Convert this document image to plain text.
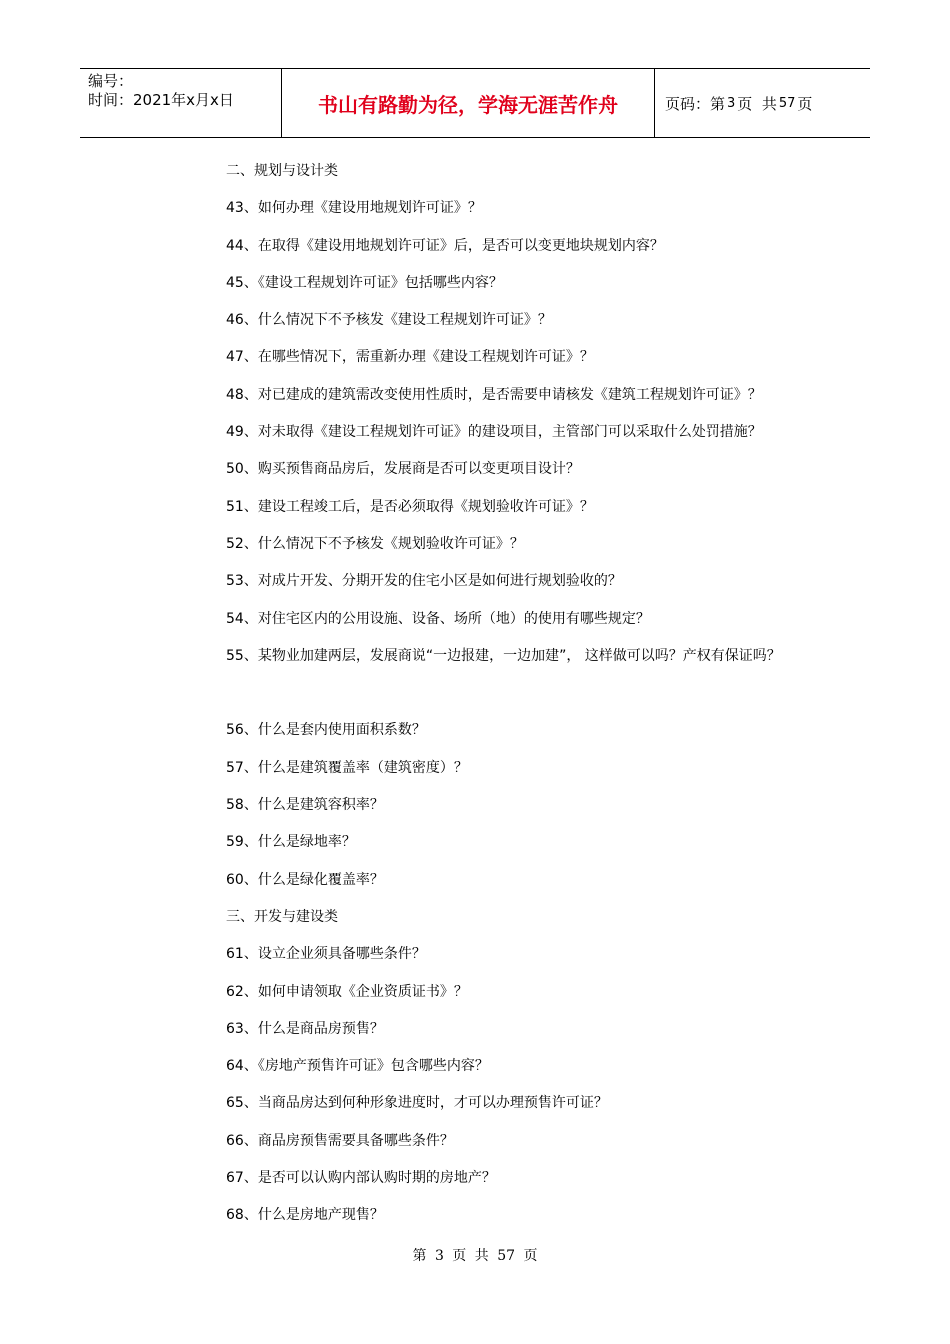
编号：
时间：2021年x月x日	书山有路勤为径，学海无涯苦作舟	页码：第 3 页  共 57 页
二、规划与设计类
43、如何办理《建设用地规划许可证》？
44、在取得《建设用地规划许可证》后，是否可以变更地块规划内容？
45、《建设工程规划许可证》包括哪些内容？
46、什么情况下不予核发《建设工程规划许可证》？
47、在哪些情况下，需重新办理《建设工程规划许可证》？
48、对已建成的建筑需改变使用性质时，是否需要申请核发《建筑工程规划许可证》？
49、对未取得《建设工程规划许可证》的建设项目，主管部门可以采取什么处罚措施？
50、购买预售商品房后，发展商是否可以变更项目设计？
51、建设工程竣工后，是否必须取得《规划验收许可证》？
52、什么情况下不予核发《规划验收许可证》？
53、对成片开发、分期开发的住宅小区是如何进行规划验收的？
54、对住宅区内的公用设施、设备、场所（地）的使用有哪些规定？
55、某物业加建两层，发展商说“一边报建，一边加建”， 这样做可以吗？产权有保证吗？
56、什么是套内使用面积系数？
57、什么是建筑覆盖率（建筑密度）？
58、什么是建筑容积率？
59、什么是绿地率？
60、什么是绿化覆盖率？
三、开发与建设类
61、设立企业须具备哪些条件？
62、如何申请领取《企业资质证书》？
63、什么是商品房预售？
64、《房地产预售许可证》包含哪些内容？
65、当商品房达到何种形象进度时，才可以办理预售许可证？
66、商品房预售需要具备哪些条件？
67、是否可以认购内部认购时期的房地产？
68、什么是房地产现售？
第 3 页 共 57 页
